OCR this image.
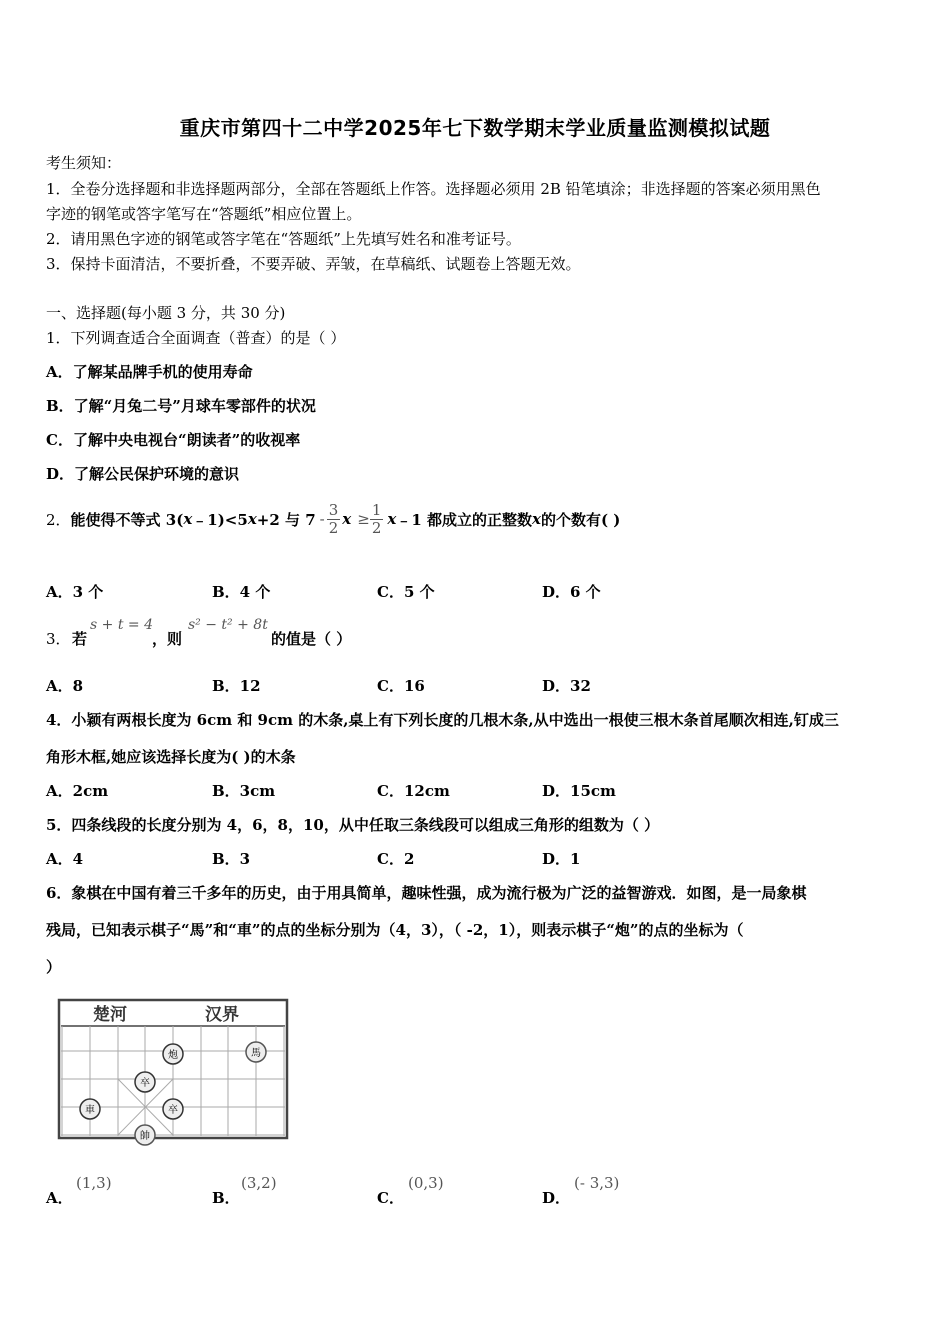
重庆市第四十二中学2025年七下数学期末学业质量监测模拟试题
考生须知：
1．全卷分选择题和非选择题两部分，全部在答题纸上作答。选择题必须用 2B 铅笔填涂；非选择题的答案必须用黑色
字迹的钢笔或答字笔写在“答题纸”相应位置上。
2．请用黑色字迹的钢笔或答字笔在“答题纸”上先填写姓名和准考证号。
3．保持卡面清洁，不要折叠，不要弄破、弄皱，在草稿纸、试题卷上答题无效。
一、选择题(每小题 3 分，共 30 分)
1．下列调查适合全面调查（普查）的是（ ）
A．了解某品牌手机的使用寿命
B．了解“月兔二号”月球车零部件的状况
C．了解中央电视台“朗读者”的收视率
D．了解公民保护环境的意识
2． 能使得不等式 3( x ﹣1)<5 x +2 与 $7 - \frac{3}{2}$ $x \ge \frac{1}{2}$ x ﹣1 都成立的正整数 x 的个数有( )
A．3 个	B．4 个	C．5 个	D．6 个
3． 若
s + t = 4
，则
s² − t² + 8t
的值是（ ）
A．8	B．12	C．16	D．32
4．小颖有两根长度为 6cm 和 9cm 的木条,桌上有下列长度的几根木条,从中选出一根使三根木条首尾顺次相连,钉成三
角形木框,她应该选择长度为( )的木条
A．2cm	B．3cm	C．12cm	D．15cm
5．四条线段的长度分别为 4，6，8，10，从中任取三条线段可以组成三角形的组数为（ ）
A．4	B．3	C．2	D．1
6．象棋在中国有着三千多年的历史，由于用具简单，趣味性强，成为流行极为广泛的益智游戏．如图，是一局象棋
残局，已知表示棋子“馬”和“車”的点的坐标分别为（4，3），（ -2，1），则表示棋子“炮”的点的坐标为（
）
楚河	汉界
炮	馬
卒
車	卒
帥
A．
(1,3)
B．
(3,2)
C．
(0,3)
D．
(- 3,3)
